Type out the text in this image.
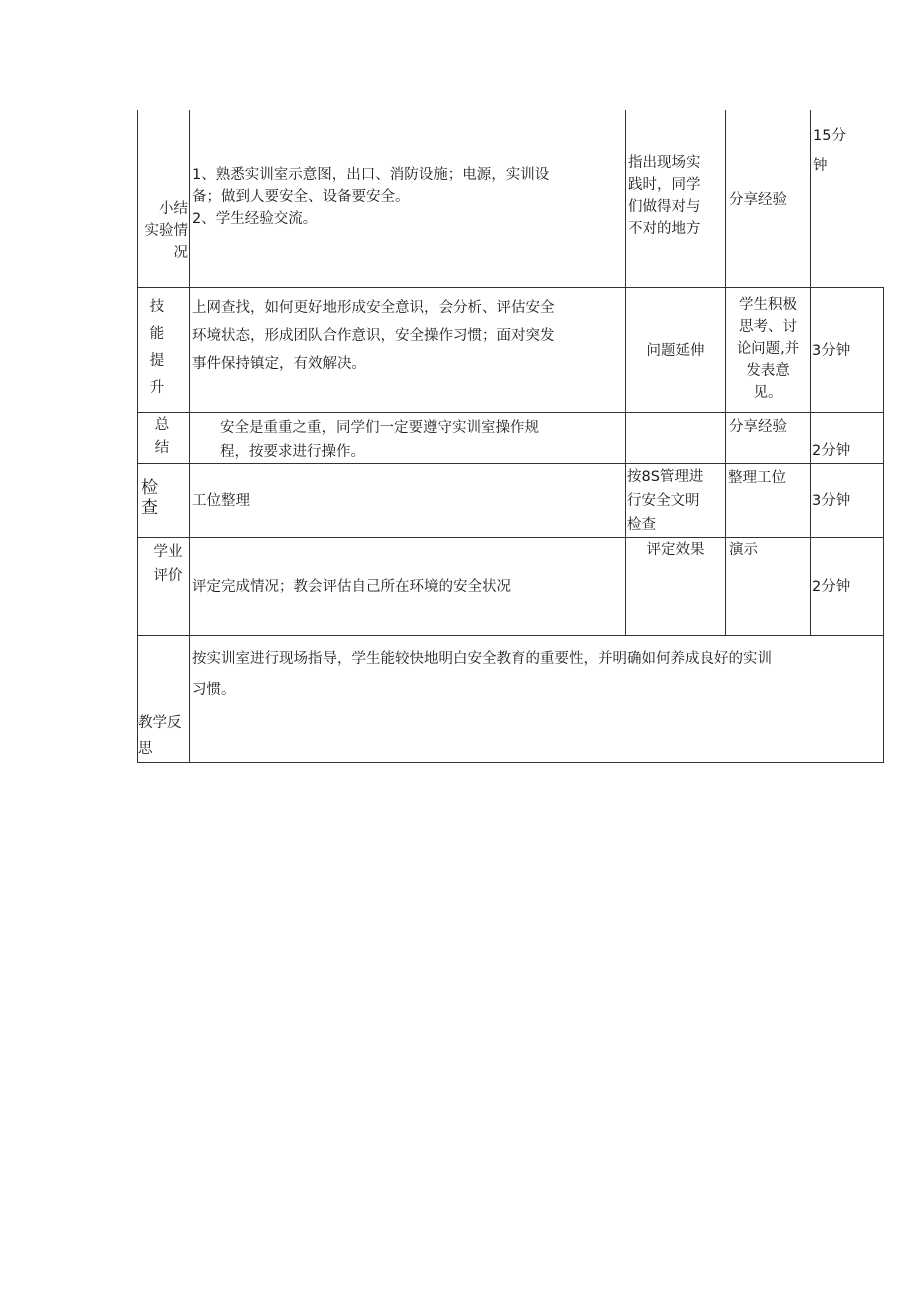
小结
实验情
况
1、熟悉实训室示意图，出口、消防设施；电源，实训设
备；做到人要安全、设备要安全。
2、学生经验交流。
指出现场实
践时，同学
们做得对与
不对的地方
分享经验
15分
钟
技
能
提
升
上网查找，如何更好地形成安全意识，会分析、评估安全
环境状态，形成团队合作意识，安全操作习惯；面对突发
事件保持镇定，有效解决。
问题延伸
学生积极
思考、讨
论问题,并
发表意
见。
3分钟
总
结
安全是重重之重，同学们一定要遵守实训室操作规
程，按要求进行操作。
分享经验
2分钟
检
查	工位整理
按8S管理进
行安全文明
检查
整理工位
3分钟
学业
评价
评定完成情况；教会评估自己所在环境的安全状况
评定效果	演示
2分钟
教学反
思
按实训室进行现场指导，学生能较快地明白安全教育的重要性，并明确如何养成良好的实训
习惯。
